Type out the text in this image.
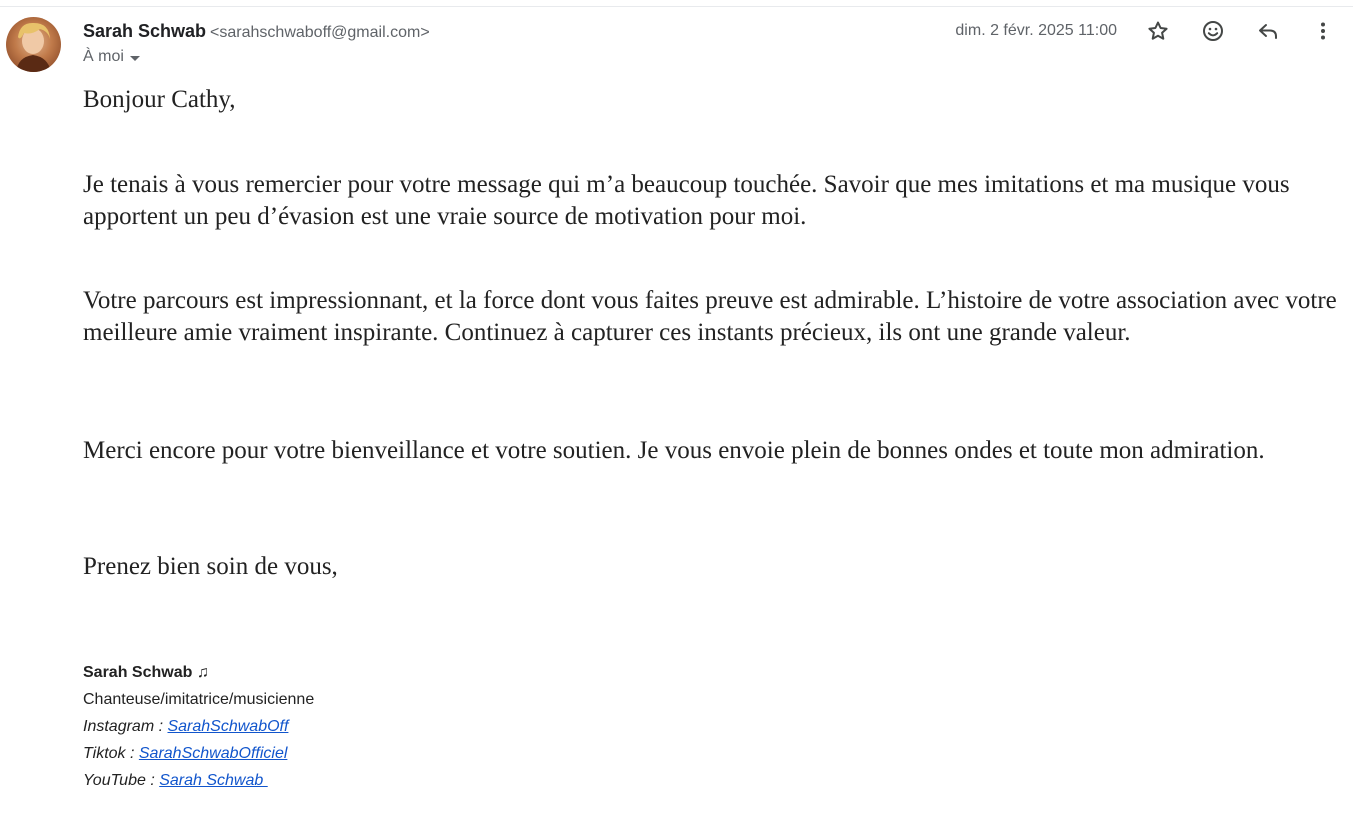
Sarah Schwab <sarahschwaboff@gmail.com>
À moi
dim. 2 févr. 2025 11:00

Bonjour Cathy,

Je tenais à vous remercier pour votre message qui m’a beaucoup touchée. Savoir que mes imitations et ma musique vous apportent un peu d’évasion est une vraie source de motivation pour moi.

Votre parcours est impressionnant, et la force dont vous faites preuve est admirable. L’histoire de votre association avec votre meilleure amie vraiment inspirante. Continuez à capturer ces instants précieux, ils ont une grande valeur.

Merci encore pour votre bienveillance et votre soutien. Je vous envoie plein de bonnes ondes et toute mon admiration.

Prenez bien soin de vous,

Sarah Schwab ♫
Chanteuse/imitatrice/musicienne
Instagram : SarahSchwabOff
Tiktok : SarahSchwabOfficiel
YouTube : Sarah Schwab
